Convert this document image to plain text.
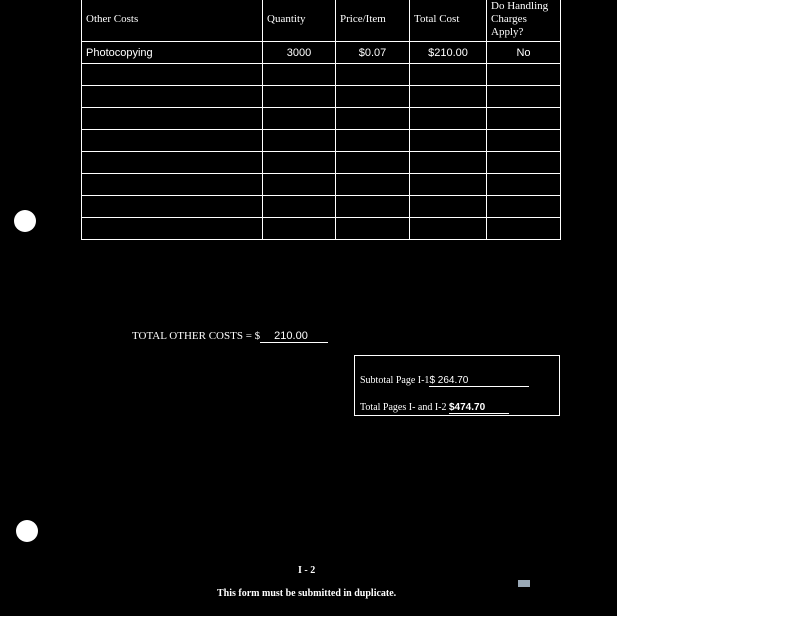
Other Costs	Quantity	Price/Item	Total Cost	Do Handling Charges Apply?
Photocopying	3000	$0.07	$210.00	No

TOTAL OTHER COSTS = $ 210.00
Subtotal Page I-1$ 264.70
Total Pages I- and I-2 $474.70
I - 2
This form must be submitted in duplicate.
